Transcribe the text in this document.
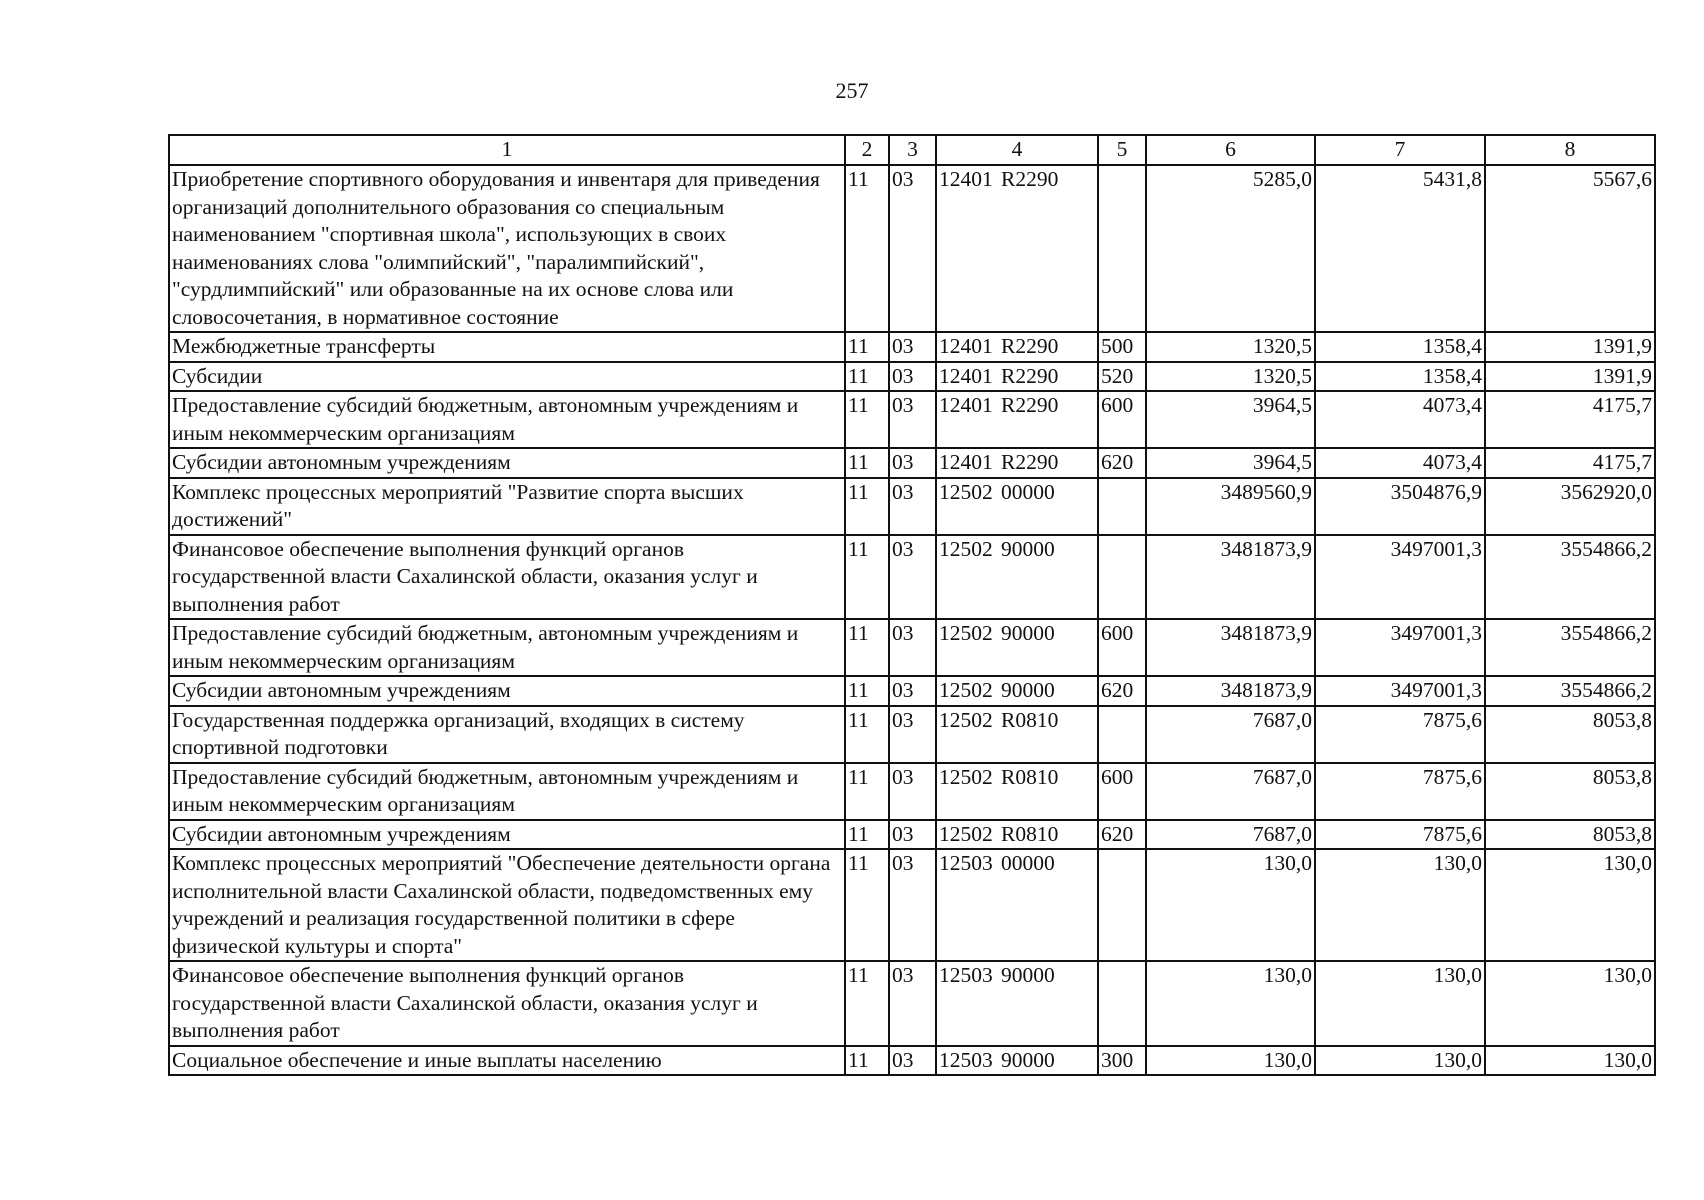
257
1	2	3	4	5	6	7	8
Приобретение спортивного оборудования и инвентаря для приведения организаций дополнительного образования со специальным наименованием "спортивная школа", использующих в своих наименованиях слова "олимпийский", "паралимпийский", "сурдлимпийский" или образованные на их основе слова или словосочетания, в нормативное состояние	11	03	12401 R2290		5285,0	5431,8	5567,6
Межбюджетные трансферты	11	03	12401 R2290	500	1320,5	1358,4	1391,9
Субсидии	11	03	12401 R2290	520	1320,5	1358,4	1391,9
Предоставление субсидий бюджетным, автономным учреждениям и иным некоммерческим организациям	11	03	12401 R2290	600	3964,5	4073,4	4175,7
Субсидии автономным учреждениям	11	03	12401 R2290	620	3964,5	4073,4	4175,7
Комплекс процессных мероприятий "Развитие спорта высших достижений"	11	03	12502 00000		3489560,9	3504876,9	3562920,0
Финансовое обеспечение выполнения функций органов государственной власти Сахалинской области, оказания услуг и выполнения работ	11	03	12502 90000		3481873,9	3497001,3	3554866,2
Предоставление субсидий бюджетным, автономным учреждениям и иным некоммерческим организациям	11	03	12502 90000	600	3481873,9	3497001,3	3554866,2
Субсидии автономным учреждениям	11	03	12502 90000	620	3481873,9	3497001,3	3554866,2
Государственная поддержка организаций, входящих в систему спортивной подготовки	11	03	12502 R0810		7687,0	7875,6	8053,8
Предоставление субсидий бюджетным, автономным учреждениям и иным некоммерческим организациям	11	03	12502 R0810	600	7687,0	7875,6	8053,8
Субсидии автономным учреждениям	11	03	12502 R0810	620	7687,0	7875,6	8053,8
Комплекс процессных мероприятий "Обеспечение деятельности органа исполнительной власти Сахалинской области, подведомственных ему учреждений и реализация государственной политики в сфере физической культуры и спорта"	11	03	12503 00000		130,0	130,0	130,0
Финансовое обеспечение выполнения функций органов государственной власти Сахалинской области, оказания услуг и выполнения работ	11	03	12503 90000		130,0	130,0	130,0
Социальное обеспечение и иные выплаты населению	11	03	12503 90000	300	130,0	130,0	130,0
